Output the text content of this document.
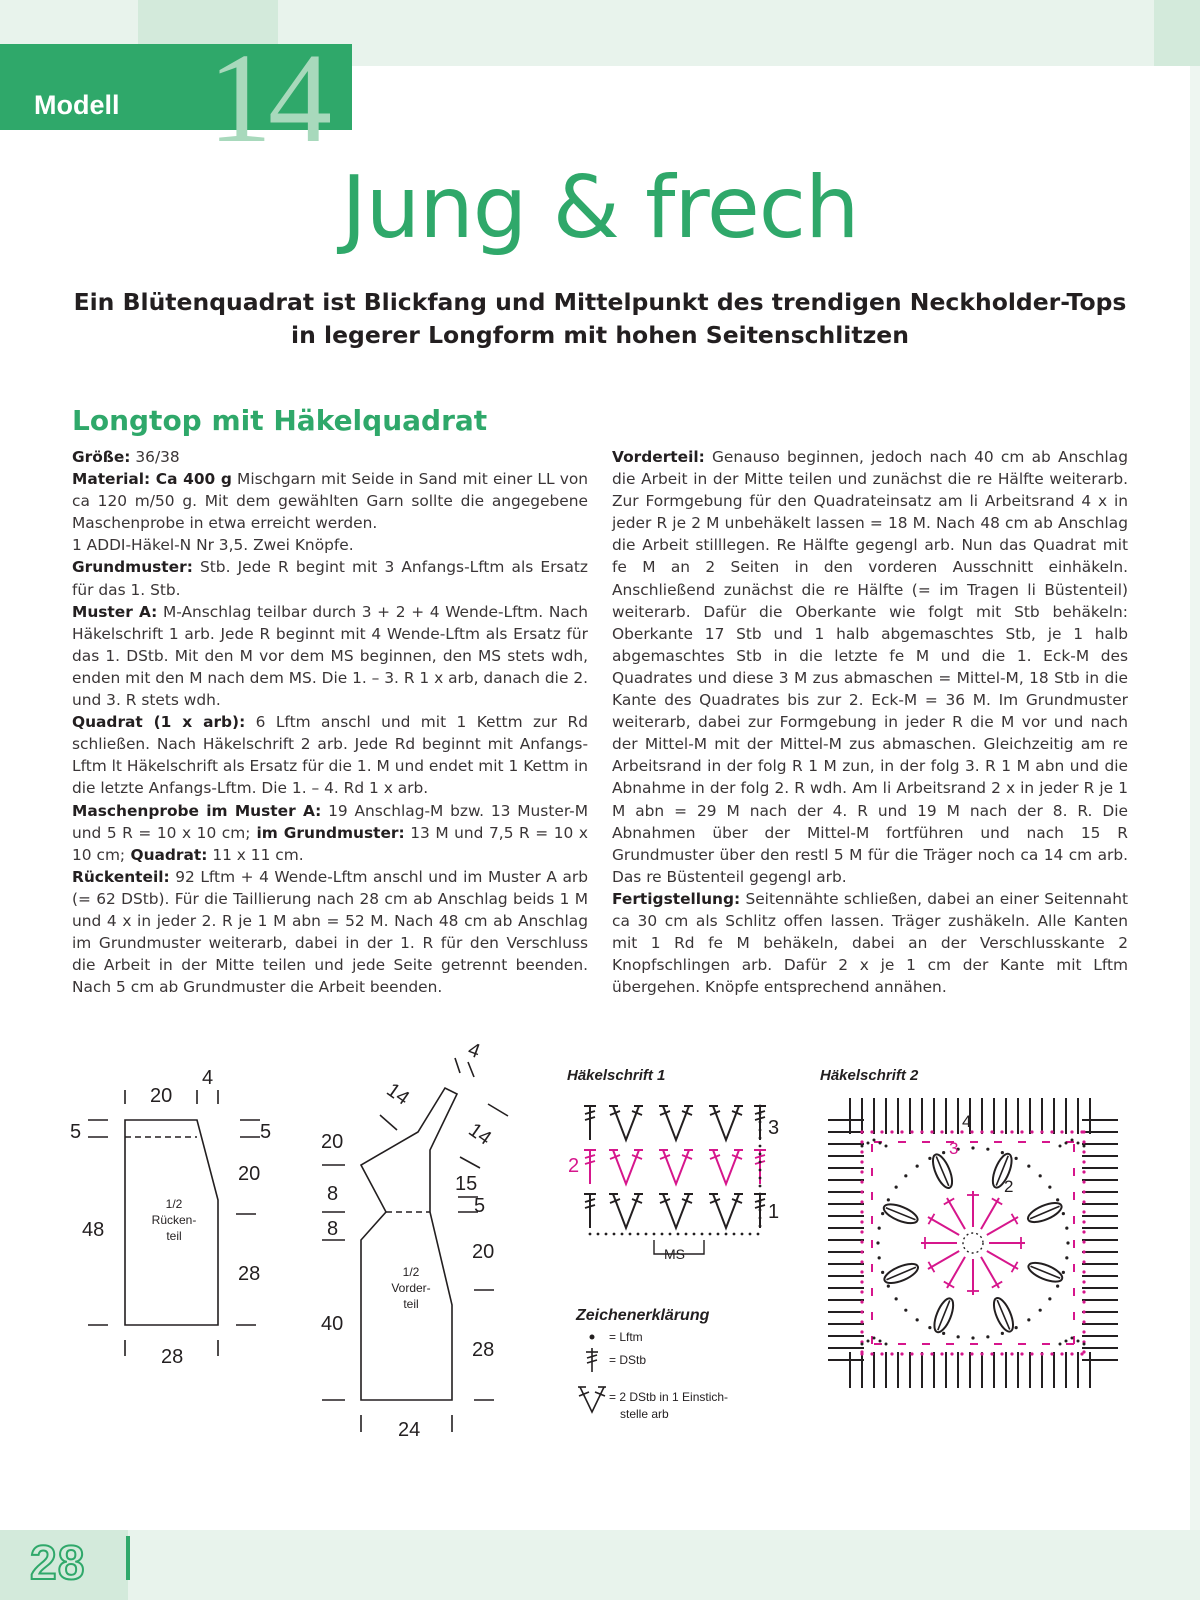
Modell 14
Jung & frech
Ein Blütenquadrat ist Blickfang und Mittelpunkt des trendigen Neckholder-Tops
in legerer Longform mit hohen Seitenschlitzen
Longtop mit Häkelquadrat

Größe: 36/38

Material: Ca 400 g Mischgarn mit Seide in Sand mit einer LL von ca 120 m/50 g. Mit dem gewählten Garn sollte die angegebene Maschenprobe in etwa erreicht werden.

1 ADDI-Häkel-N Nr 3,5. Zwei Knöpfe.

Grundmuster: Stb. Jede R begint mit 3 Anfangs-Lftm als Ersatz für das 1. Stb.

Muster A: M-Anschlag teilbar durch 3 + 2 + 4 Wende-Lftm. Nach Häkelschrift 1 arb. Jede R beginnt mit 4 Wende-Lftm als Ersatz für das 1. DStb. Mit den M vor dem MS beginnen, den MS stets wdh, enden mit den M nach dem MS. Die 1. – 3. R 1 x arb, danach die 2. und 3. R stets wdh.

Quadrat (1 x arb): 6 Lftm anschl und mit 1 Kettm zur Rd schließen. Nach Häkelschrift 2 arb. Jede Rd beginnt mit Anfangs-Lftm lt Häkelschrift als Ersatz für die 1. M und endet mit 1 Kettm in die letzte Anfangs-Lftm. Die 1. – 4. Rd 1 x arb.

Maschenprobe im Muster A: 19 Anschlag-M bzw. 13 Muster-M und 5 R = 10 x 10 cm; im Grundmuster: 13 M und 7,5 R = 10 x 10 cm; Quadrat: 11 x 11 cm.

Rückenteil: 92 Lftm + 4 Wende-Lftm anschl und im Muster A arb (= 62 DStb). Für die Taillierung nach 28 cm ab Anschlag beids 1 M und 4 x in jeder 2. R je 1 M abn = 52 M. Nach 48 cm ab Anschlag im Grundmuster weiterarb, dabei in der 1. R für den Verschluss die Arbeit in der Mitte teilen und jede Seite getrennt beenden. Nach 5 cm ab Grundmuster die Arbeit beenden.

Vorderteil: Genauso beginnen, jedoch nach 40 cm ab Anschlag die Arbeit in der Mitte teilen und zunächst die re Hälfte weiterarb. Zur Formgebung für den Quadrateinsatz am li Arbeitsrand 4 x in jeder R je 2 M unbehäkelt lassen = 18 M. Nach 48 cm ab Anschlag die Arbeit stilllegen. Re Hälfte gegengl arb. Nun das Quadrat mit fe M an 2 Seiten in den vorderen Ausschnitt einhäkeln. Anschließend zunächst die re Hälfte (= im Tragen li Büstenteil) weiterarb. Dafür die Oberkante wie folgt mit Stb behäkeln: Oberkante 17 Stb und 1 halb abgemaschtes Stb, je 1 halb abgemaschtes Stb in die letzte fe M und die 1. Eck-M des Quadrates und diese 3 M zus abmaschen = Mittel-M, 18 Stb in die Kante des Quadrates bis zur 2. Eck-M = 36 M. Im Grundmuster weiterarb, dabei zur Formgebung in jeder R die M vor und nach der Mittel-M mit der Mittel-M zus abmaschen. Gleichzeitig am re Arbeitsrand in der folg R 1 M zun, in der folg 3. R 1 M abn und die Abnahme in der folg 2. R wdh. Am li Arbeitsrand 2 x in jeder R je 1 M abn = 29 M nach der 4. R und 19 M nach der 8. R. Die Abnahmen über der Mittel-M fortführen und nach 15 R Grundmuster über den restl 5 M für die Träger noch ca 14 cm arb. Das re Büstenteil gegengl arb.

Fertigstellung: Seitennähte schließen, dabei an einer Seitennaht ca 30 cm als Schlitz offen lassen. Träger zushäkeln. Alle Kanten mit 1 Rd fe M behäkeln, dabei an der Verschlusskante 2 Knopfschlingen arb. Dafür 2 x je 1 cm der Kante mit Lftm übergehen. Knöpfe entsprechend annähen.

20
4
5	5
20
48
28
28
1/2
Rücken-
teil
4
14
14
20
8
8
40
15
5
20
28
24
1/2
Vorder-
teil
Häkelschrift 1
3
2
1
MS
Zeichenerklärung
= Lftm
= DStb
= 2 DStb in 1 Einstich-
stelle arb
Häkelschrift 2
4
3
2
28
